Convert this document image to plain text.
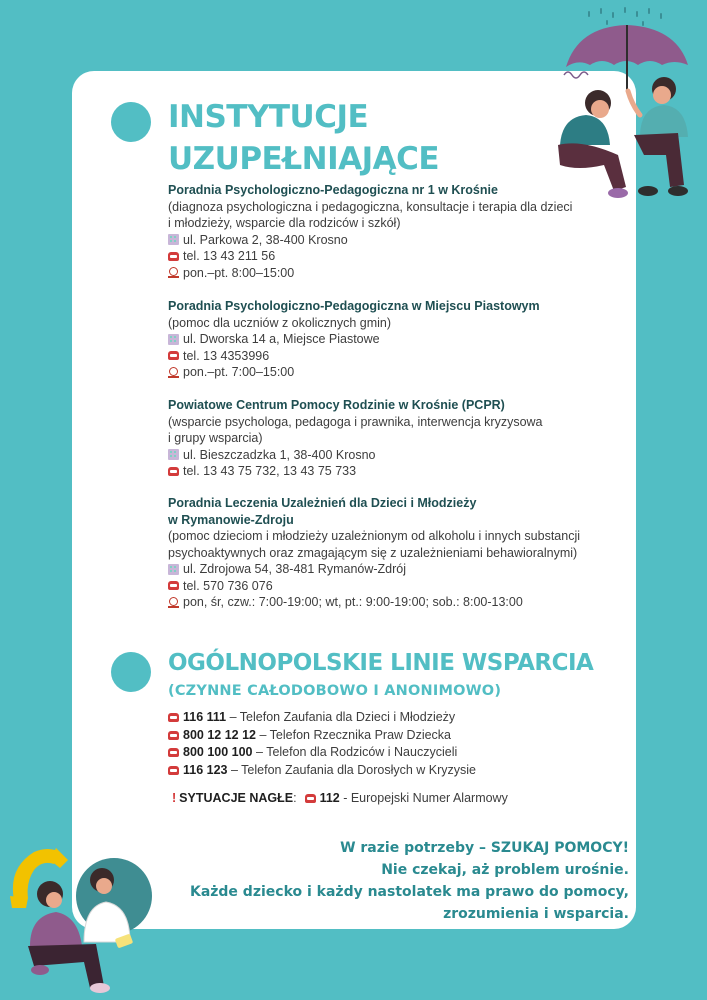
INSTYTUCJE
UZUPEŁNIAJĄCE
Poradnia Psychologiczno-Pedagogiczna nr 1 w Krośnie
(diagnoza psychologiczna i pedagogiczna, konsultacje i terapia dla dzieci
i młodzieży, wsparcie dla rodziców i szkół)
ul. Parkowa 2, 38-400 Krosno
tel. 13 43 211 56
pon.–pt. 8:00–15:00
Poradnia Psychologiczno-Pedagogiczna w Miejscu Piastowym
(pomoc dla uczniów z okolicznych gmin)
ul. Dworska 14 a, Miejsce Piastowe
tel. 13 4353996
pon.–pt. 7:00–15:00
Powiatowe Centrum Pomocy Rodzinie w Krośnie (PCPR)
(wsparcie psychologa, pedagoga i prawnika, interwencja kryzysowa
i grupy wsparcia)
ul. Bieszczadzka 1, 38-400 Krosno
tel. 13 43 75 732, 13 43 75 733
Poradnia Leczenia Uzależnień dla Dzieci i Młodzieży
w Rymanowie-Zdroju
(pomoc dzieciom i młodzieży uzależnionym od alkoholu i innych substancji
psychoaktywnych oraz zmagającym się z uzależnieniami behawioralnymi)
ul. Zdrojowa 54, 38-481 Rymanów-Zdrój
tel. 570 736 076
pon, śr, czw.: 7:00-19:00; wt, pt.: 9:00-19:00; sob.: 8:00-13:00
OGÓLNOPOLSKIE LINIE WSPARCIA
(CZYNNE CAŁODOBOWO I ANONIMOWO)
116 111 – Telefon Zaufania dla Dzieci i Młodzieży
800 12 12 12 – Telefon Rzecznika Praw Dziecka
800 100 100 – Telefon dla Rodziców i Nauczycieli
116 123 – Telefon Zaufania dla Dorosłych w Kryzysie
! SYTUACJE NAGŁE : 112 - Europejski Numer Alarmowy
W razie potrzeby – SZUKAJ POMOCY!
Nie czekaj, aż problem urośnie.
Każde dziecko i każdy nastolatek ma prawo do pomocy,
zrozumienia i wsparcia.
